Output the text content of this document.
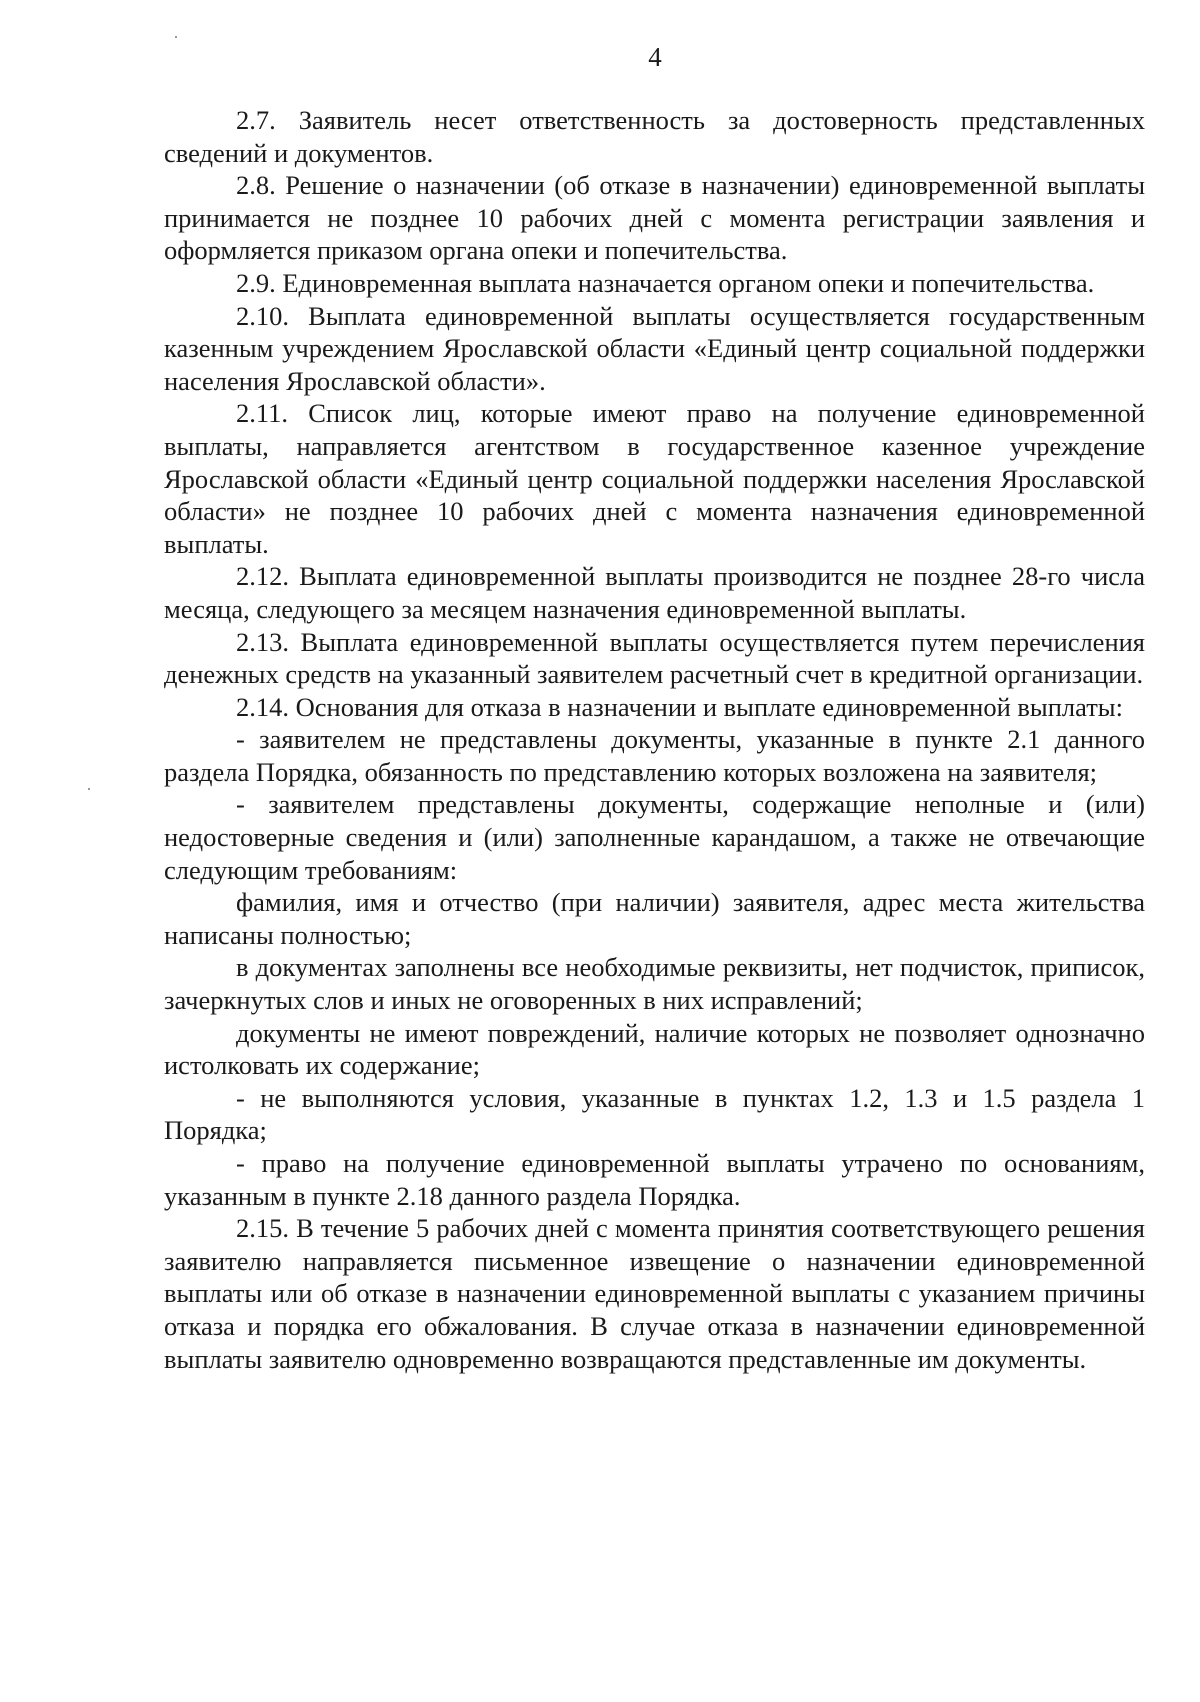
4

2.7. Заявитель несет ответственность за достоверность представленных сведений и документов.

2.8. Решение о назначении (об отказе в назначении) единовременной выплаты принимается не позднее 10 рабочих дней с момента регистрации заявления и оформляется приказом органа опеки и попечительства.

2.9. Единовременная выплата назначается органом опеки и попечительства.

2.10. Выплата единовременной выплаты осуществляется государственным казенным учреждением Ярославской области «Единый центр социальной поддержки населения Ярославской области».

2.11. Список лиц, которые имеют право на получение единовременной выплаты, направляется агентством в государственное казенное учреждение Ярославской области «Единый центр социальной поддержки населения Ярославской области» не позднее 10 рабочих дней с момента назначения единовременной выплаты.

2.12. Выплата единовременной выплаты производится не позднее 28-го числа месяца, следующего за месяцем назначения единовременной выплаты.

2.13. Выплата единовременной выплаты осуществляется путем перечисления денежных средств на указанный заявителем расчетный счет в кредитной организации.

2.14. Основания для отказа в назначении и выплате единовременной выплаты:

- заявителем не представлены документы, указанные в пункте 2.1 данного раздела Порядка, обязанность по представлению которых возложена на заявителя;

- заявителем представлены документы, содержащие неполные и (или) недостоверные сведения и (или) заполненные карандашом, а также не отвечающие следующим требованиям:

фамилия, имя и отчество (при наличии) заявителя, адрес места жительства написаны полностью;

в документах заполнены все необходимые реквизиты, нет подчисток, приписок, зачеркнутых слов и иных не оговоренных в них исправлений;

документы не имеют повреждений, наличие которых не позволяет однозначно истолковать их содержание;

- не выполняются условия, указанные в пунктах 1.2, 1.3 и 1.5 раздела 1 Порядка;

- право на получение единовременной выплаты утрачено по основаниям, указанным в пункте 2.18 данного раздела Порядка.

2.15. В течение 5 рабочих дней с момента принятия соответствующего решения заявителю направляется письменное извещение о назначении единовременной выплаты или об отказе в назначении единовременной выплаты с указанием причины отказа и порядка его обжалования. В случае отказа в назначении единовременной выплаты заявителю одновременно возвращаются представленные им документы.
